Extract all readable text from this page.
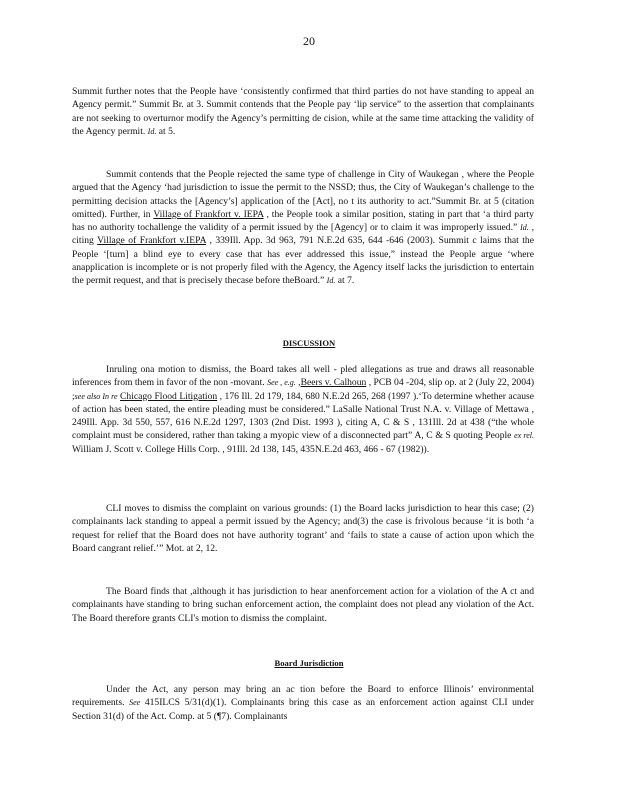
20

Summit further notes that the People have ‘consistently confirmed that third parties do not have standing to appeal an Agency permit.” Summit Br. at 3. Summit contends that the People pay ‘lip service” to the assertion that complainants are not seeking to overturnor modify the Agency’s permitting de cision, while at the same time attacking the validity of the Agency permit. Id. at 5.

Summit contends that the People rejected the same type of challenge in City of Waukegan , where the People argued that the Agency ‘had jurisdiction to issue the permit to the NSSD; thus, the City of Waukegan’s challenge to the permitting decision attacks the [Agency’s] application of the [Act], no t its authority to act.”Summit Br. at 5 (citation omitted). Further, in Village of Frankfort v. IEPA , the People took a similar position, stating in part that ‘a third party has no authority tochallenge the validity of a permit issued by the [Agency] or to claim it was improperly issued.” Id. , citing Village of Frankfort v.IEPA , 339Ill. App. 3d 963, 791 N.E.2d 635, 644 -646 (2003). Summit c laims that the People ‘[turn] a blind eye to every case that has ever addressed this issue,” instead the People argue ‘where anapplication is incomplete or is not properly filed with the Agency, the Agency itself lacks the jurisdiction to entertain the permit request, and that is precisely thecase before theBoard.” Id. at 7.

DISCUSSION

Inruling ona motion to dismiss, the Board takes all well - pled allegations as true and draws all reasonable inferences from them in favor of the non -movant. See , e.g. ,Beers v. Calhoun , PCB 04 -204, slip op. at 2 (July 22, 2004) ;see also In re Chicago Flood Litigation , 176 Ill. 2d 179, 184, 680 N.E.2d 265, 268 (1997 ).‘To determine whether acause of action has been stated, the entire pleading must be considered.” LaSalle National Trust N.A. v. Village of Mettawa , 249Ill. App. 3d 550, 557, 616 N.E.2d 1297, 1303 (2nd Dist. 1993 ), citing A, C & S , 131Ill. 2d at 438 (“the whole complaint must be considered, rather than taking a myopic view of a disconnected part” A, C & S quoting People ex rel. William J. Scott v. College Hills Corp. , 91Ill. 2d 138, 145, 435N.E.2d 463, 466 - 67 (1982)).

CLI moves to dismiss the complaint on various grounds: (1) the Board lacks jurisdiction to hear this case; (2) complainants lack standing to appeal a permit issued by the Agency; and(3) the case is frivolous because ‘it is both ‘a request for relief that the Board does not have authority togrant’ and ‘fails to state a cause of action upon which the Board cangrant relief.’” Mot. at 2, 12.

The Board finds that ,although it has jurisdiction to hear anenforcement action for a violation of the A ct and complainants have standing to bring suchan enforcement action, the complaint does not plead any violation of the Act. The Board therefore grants CLI's motion to dismiss the complaint.

Board Jurisdiction

Under the Act, any person may bring an ac tion before the Board to enforce Illinois’ environmental requirements. See 415ILCS 5/31(d)(1). Complainants bring this case as an enforcement action against CLI under Section 31(d) of the Act. Comp. at 5 (¶7). Complainants
